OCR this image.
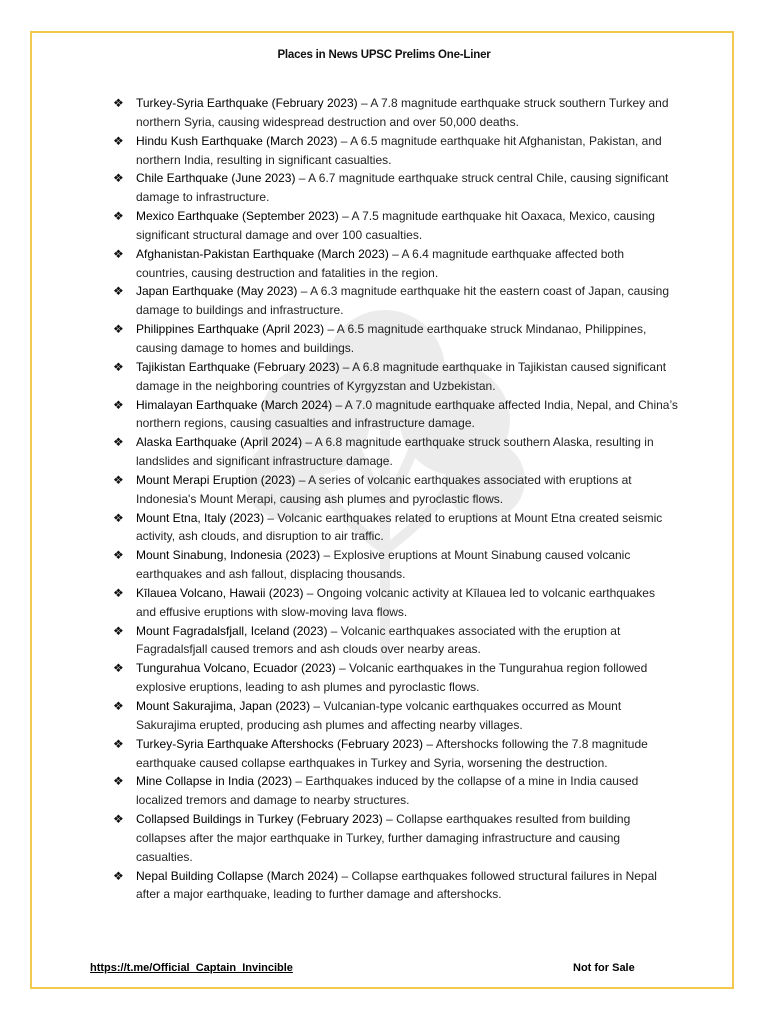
Places in News UPSC Prelims One-Liner
❖ Turkey-Syria Earthquake (February 2023) – A 7.8 magnitude earthquake struck southern Turkey and northern Syria, causing widespread destruction and over 50,000 deaths.
❖ Hindu Kush Earthquake (March 2023) – A 6.5 magnitude earthquake hit Afghanistan, Pakistan, and northern India, resulting in significant casualties.
❖ Chile Earthquake (June 2023) – A 6.7 magnitude earthquake struck central Chile, causing significant damage to infrastructure.
❖ Mexico Earthquake (September 2023) – A 7.5 magnitude earthquake hit Oaxaca, Mexico, causing significant structural damage and over 100 casualties.
❖ Afghanistan-Pakistan Earthquake (March 2023) – A 6.4 magnitude earthquake affected both countries, causing destruction and fatalities in the region.
❖ Japan Earthquake (May 2023) – A 6.3 magnitude earthquake hit the eastern coast of Japan, causing damage to buildings and infrastructure.
❖ Philippines Earthquake (April 2023) – A 6.5 magnitude earthquake struck Mindanao, Philippines, causing damage to homes and buildings.
❖ Tajikistan Earthquake (February 2023) – A 6.8 magnitude earthquake in Tajikistan caused significant damage in the neighboring countries of Kyrgyzstan and Uzbekistan.
❖ Himalayan Earthquake (March 2024) – A 7.0 magnitude earthquake affected India, Nepal, and China’s northern regions, causing casualties and infrastructure damage.
❖ Alaska Earthquake (April 2024) – A 6.8 magnitude earthquake struck southern Alaska, resulting in landslides and significant infrastructure damage.
❖ Mount Merapi Eruption (2023) – A series of volcanic earthquakes associated with eruptions at Indonesia's Mount Merapi, causing ash plumes and pyroclastic flows.
❖ Mount Etna, Italy (2023) – Volcanic earthquakes related to eruptions at Mount Etna created seismic activity, ash clouds, and disruption to air traffic.
❖ Mount Sinabung, Indonesia (2023) – Explosive eruptions at Mount Sinabung caused volcanic earthquakes and ash fallout, displacing thousands.
❖ Kīlauea Volcano, Hawaii (2023) – Ongoing volcanic activity at Kīlauea led to volcanic earthquakes and effusive eruptions with slow-moving lava flows.
❖ Mount Fagradalsfjall, Iceland (2023) – Volcanic earthquakes associated with the eruption at Fagradalsfjall caused tremors and ash clouds over nearby areas.
❖ Tungurahua Volcano, Ecuador (2023) – Volcanic earthquakes in the Tungurahua region followed explosive eruptions, leading to ash plumes and pyroclastic flows.
❖ Mount Sakurajima, Japan (2023) – Vulcanian-type volcanic earthquakes occurred as Mount Sakurajima erupted, producing ash plumes and affecting nearby villages.
❖ Turkey-Syria Earthquake Aftershocks (February 2023) – Aftershocks following the 7.8 magnitude earthquake caused collapse earthquakes in Turkey and Syria, worsening the destruction.
❖ Mine Collapse in India (2023) – Earthquakes induced by the collapse of a mine in India caused localized tremors and damage to nearby structures.
❖ Collapsed Buildings in Turkey (February 2023) – Collapse earthquakes resulted from building collapses after the major earthquake in Turkey, further damaging infrastructure and causing casualties.
❖ Nepal Building Collapse (March 2024) – Collapse earthquakes followed structural failures in Nepal after a major earthquake, leading to further damage and aftershocks.
https://t.me/Official_Captain_Invincible	Not for Sale
